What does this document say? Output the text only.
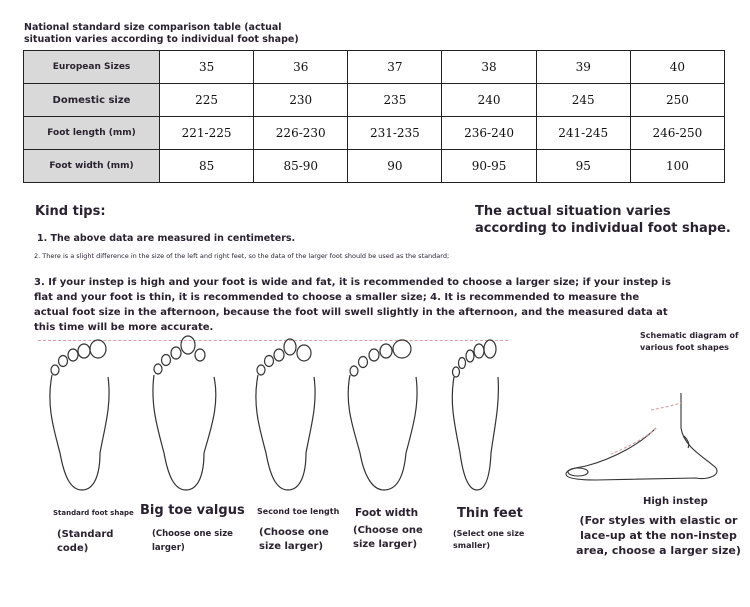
National standard size comparison table (actual situation varies according to individual foot shape)
European Sizes	35	36	37	38	39	40
Domestic size	225	230	235	240	245	250
Foot length (mm)	221-225	226-230	231-235	236-240	241-245	246-250
Foot width (mm)	85	85-90	90	90-95	95	100
Kind tips:	The actual situation varies according to individual foot shape.
1. The above data are measured in centimeters.
2. There is a slight difference in the size of the left and right feet, so the data of the larger foot should be used as the standard;
3. If your instep is high and your foot is wide and fat, it is recommended to choose a larger size; if your instep is flat and your foot is thin, it is recommended to choose a smaller size; 4. It is recommended to measure the actual foot size in the afternoon, because the foot will swell slightly in the afternoon, and the measured data at this time will be more accurate.
Standard foot shape
(Standard code)
Big toe valgus
(Choose one size larger)
Second toe length
(Choose one size larger)
Foot width
(Choose one size larger)
Thin feet
(Select one size smaller)
Schematic diagram of various foot shapes
High instep
(For styles with elastic or lace-up at the non-instep area, choose a larger size)
